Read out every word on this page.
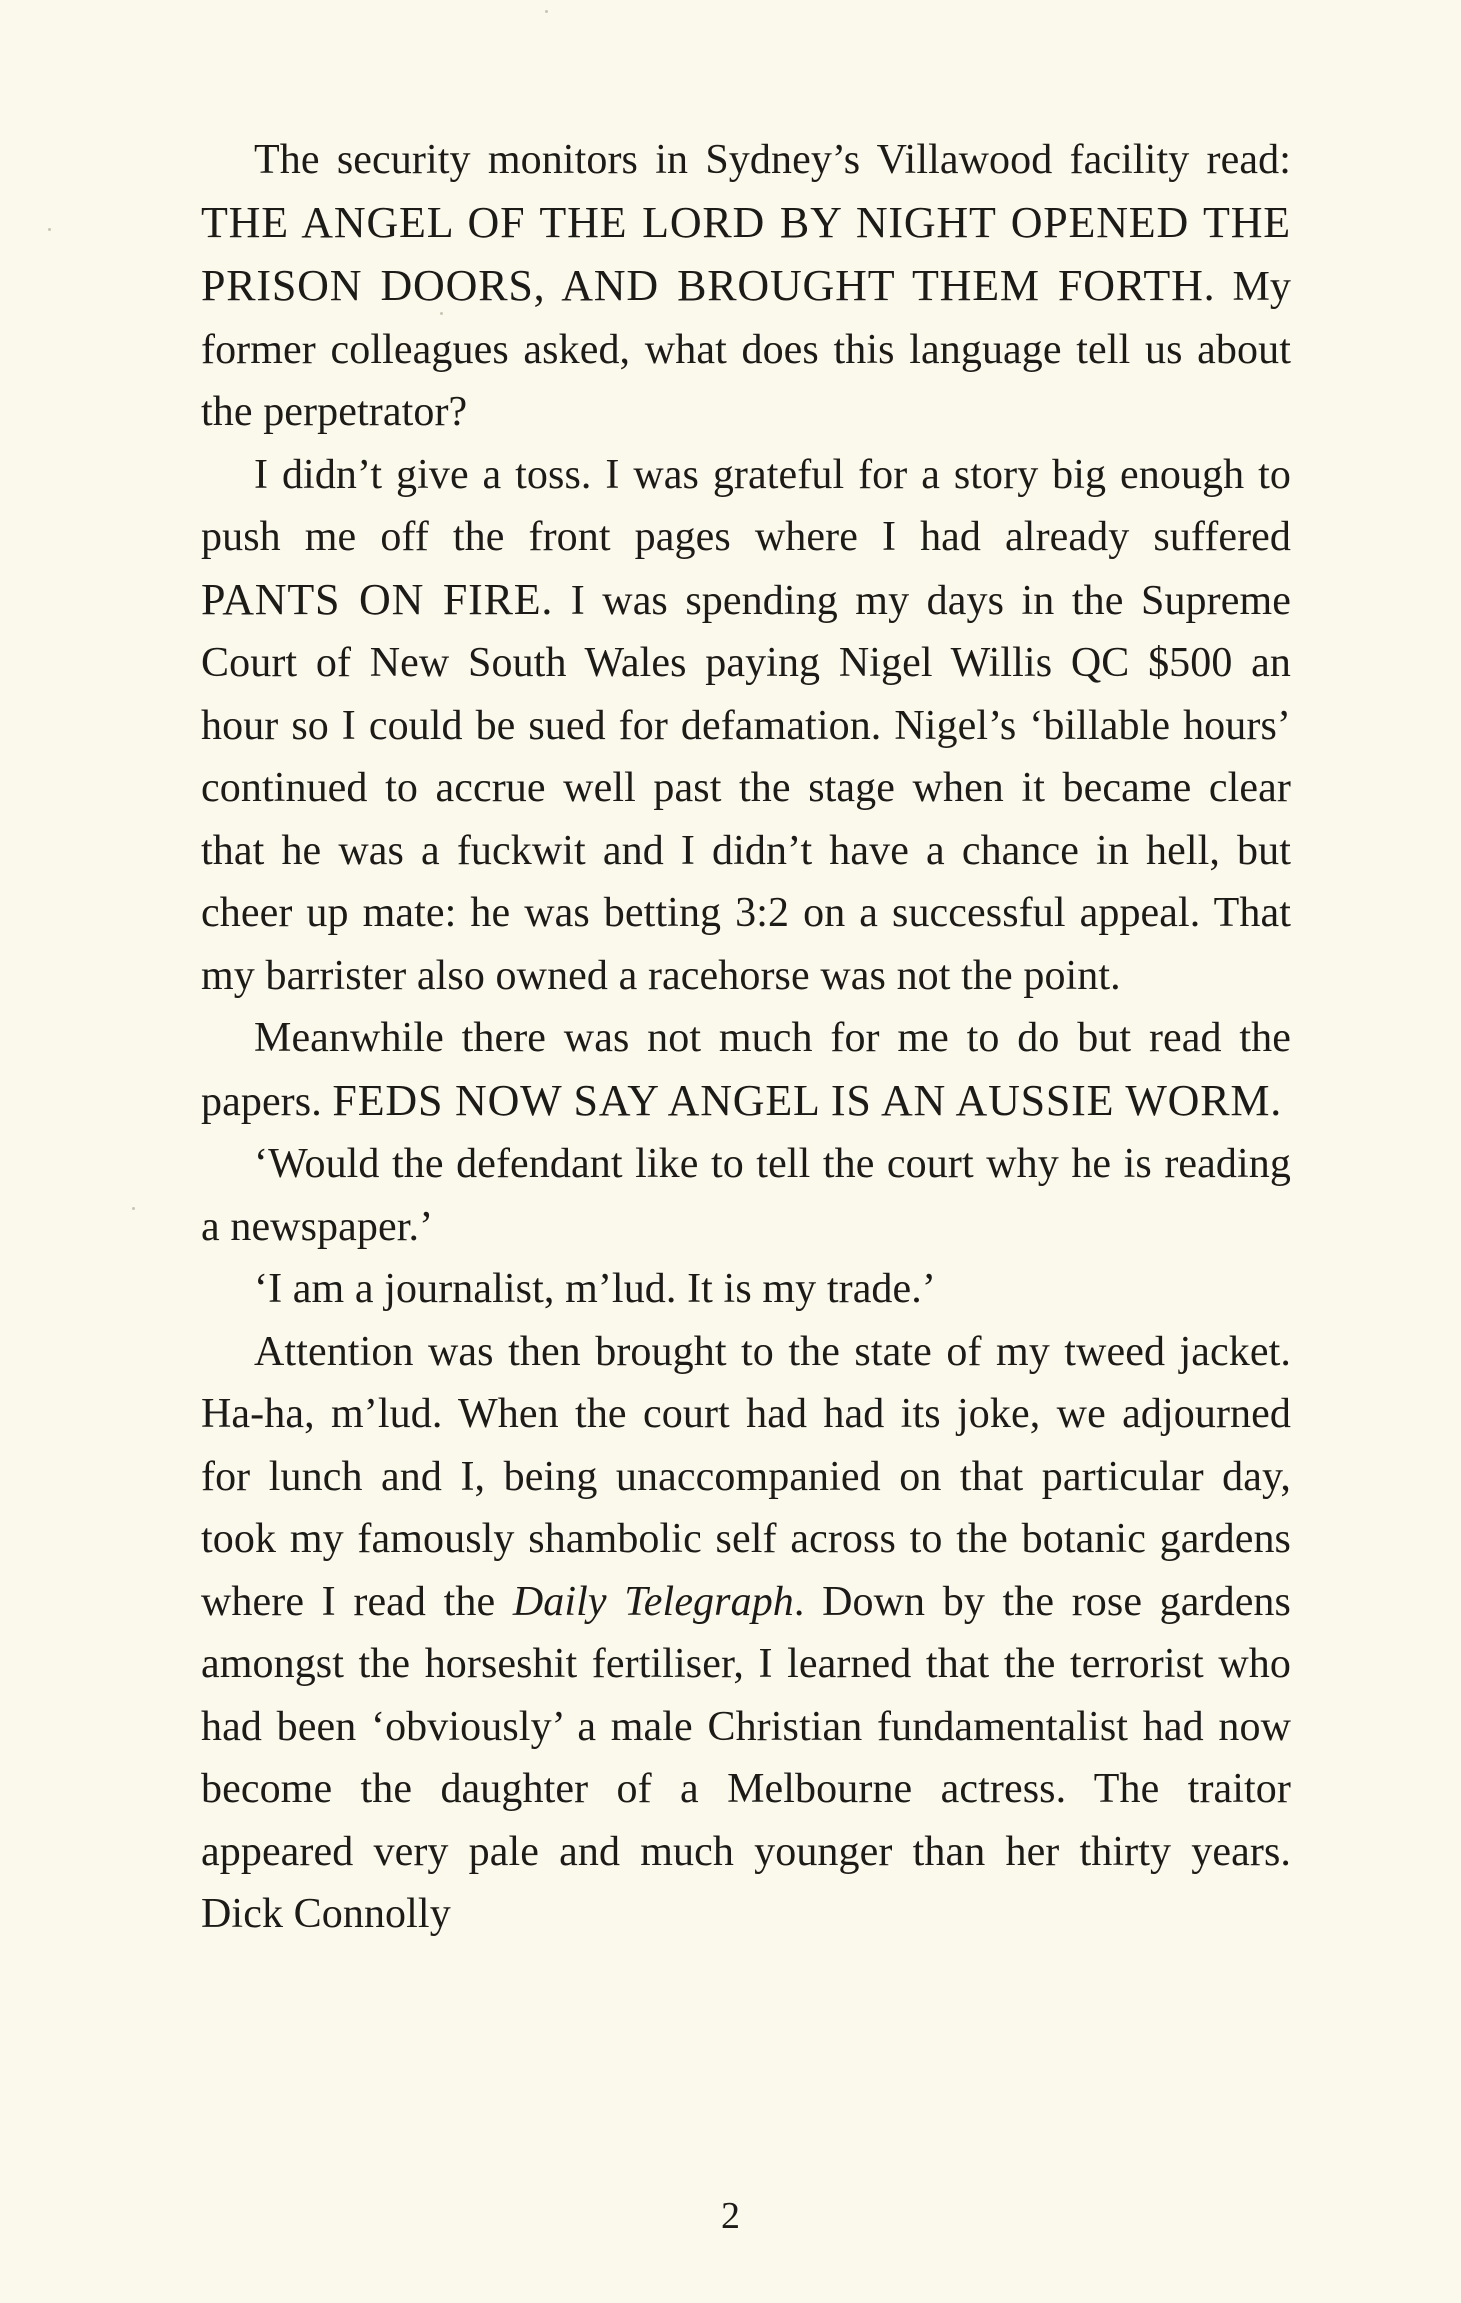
The security monitors in Sydney’s Villawood facility read: THE ANGEL OF THE LORD BY NIGHT OPENED THE PRISON DOORS, AND BROUGHT THEM FORTH. My former colleagues asked, what does this language tell us about the perpetrator?

I didn’t give a toss. I was grateful for a story big enough to push me off the front pages where I had already suffered PANTS ON FIRE. I was spending my days in the Supreme Court of New South Wales paying Nigel Willis QC $500 an hour so I could be sued for defamation. Nigel’s ‘billable hours’ continued to accrue well past the stage when it became clear that he was a fuckwit and I didn’t have a chance in hell, but cheer up mate: he was betting 3:2 on a successful appeal. That my barrister also owned a racehorse was not the point.

Meanwhile there was not much for me to do but read the papers. FEDS NOW SAY ANGEL IS AN AUSSIE WORM.

‘Would the defendant like to tell the court why he is reading a newspaper.’

‘I am a journalist, m’lud. It is my trade.’

Attention was then brought to the state of my tweed jacket. Ha-ha, m’lud. When the court had had its joke, we adjourned for lunch and I, being unaccompanied on that particular day, took my famously shambolic self across to the botanic gardens where I read the Daily Telegraph. Down by the rose gardens amongst the horseshit fertiliser, I learned that the terrorist who had been ‘obviously’ a male Christian fundamentalist had now become the daughter of a Melbourne actress. The traitor appeared very pale and much younger than her thirty years. Dick Connolly

2
